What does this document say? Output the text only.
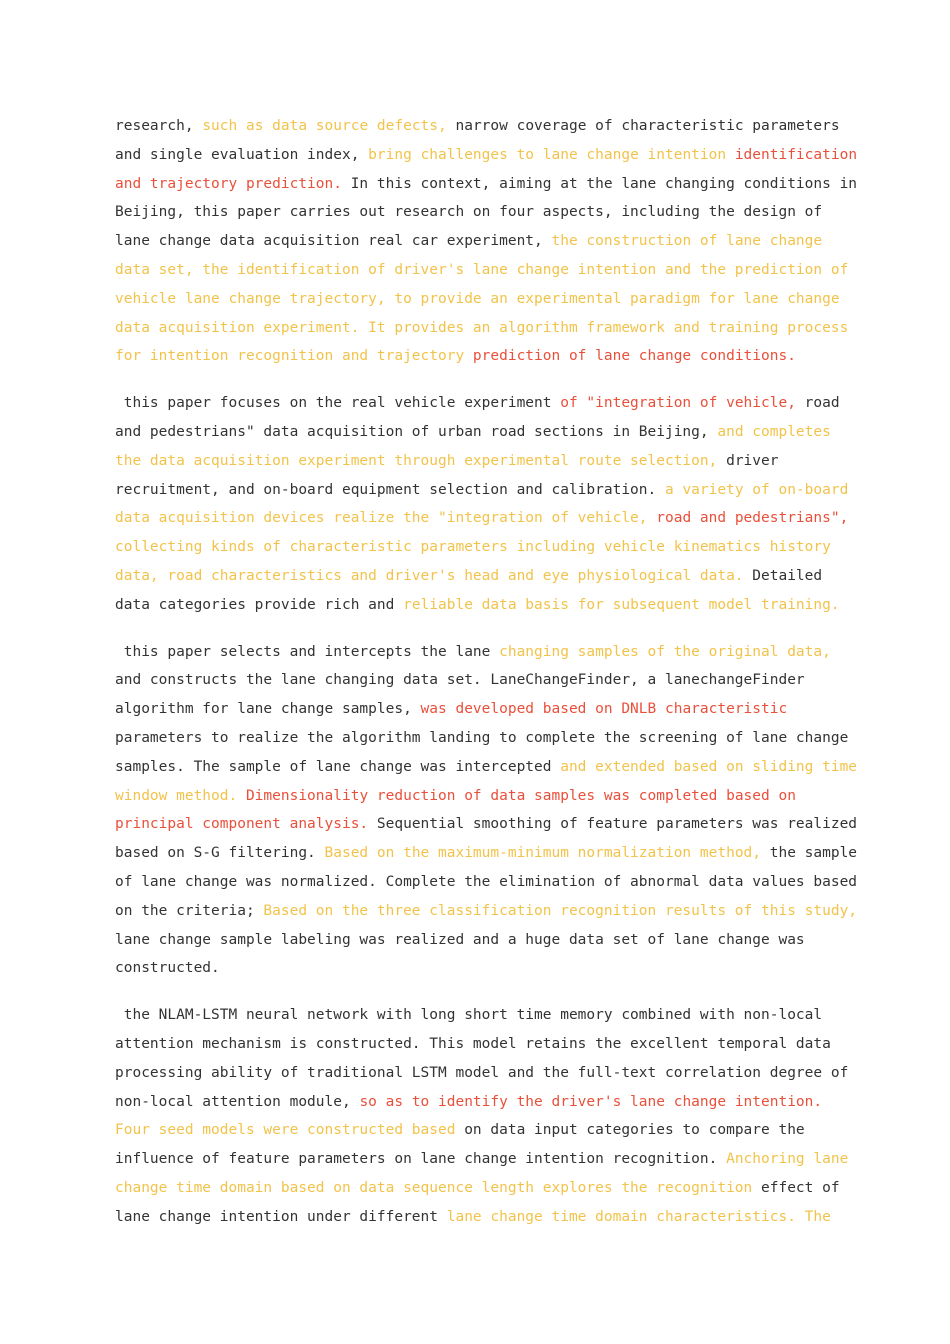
research, such as data source defects, narrow coverage of characteristic parameters
and single evaluation index, bring challenges to lane change intention identification
and trajectory prediction. In this context, aiming at the lane changing conditions in
Beijing, this paper carries out research on four aspects, including the design of
lane change data acquisition real car experiment, the construction of lane change
data set, the identification of driver's lane change intention and the prediction of
vehicle lane change trajectory, to provide an experimental paradigm for lane change
data acquisition experiment. It provides an algorithm framework and training process
for intention recognition and trajectory prediction of lane change conditions.
this paper focuses on the real vehicle experiment of "integration of vehicle, road
and pedestrians" data acquisition of urban road sections in Beijing, and completes
the data acquisition experiment through experimental route selection, driver
recruitment, and on-board equipment selection and calibration. a variety of on-board
data acquisition devices realize the "integration of vehicle, road and pedestrians",
collecting kinds of characteristic parameters including vehicle kinematics history
data, road characteristics and driver's head and eye physiological data. Detailed
data categories provide rich and reliable data basis for subsequent model training.
this paper selects and intercepts the lane changing samples of the original data,
and constructs the lane changing data set. LaneChangeFinder, a lanechangeFinder
algorithm for lane change samples, was developed based on DNLB characteristic
parameters to realize the algorithm landing to complete the screening of lane change
samples. The sample of lane change was intercepted and extended based on sliding time
window method. Dimensionality reduction of data samples was completed based on
principal component analysis. Sequential smoothing of feature parameters was realized
based on S-G filtering. Based on the maximum-minimum normalization method, the sample
of lane change was normalized. Complete the elimination of abnormal data values based
on the criteria; Based on the three classification recognition results of this study,
lane change sample labeling was realized and a huge data set of lane change was
constructed.
the NLAM-LSTM neural network with long short time memory combined with non-local
attention mechanism is constructed. This model retains the excellent temporal data
processing ability of traditional LSTM model and the full-text correlation degree of
non-local attention module, so as to identify the driver's lane change intention.
Four seed models were constructed based on data input categories to compare the
influence of feature parameters on lane change intention recognition. Anchoring lane
change time domain based on data sequence length explores the recognition effect of
lane change intention under different lane change time domain characteristics. The
